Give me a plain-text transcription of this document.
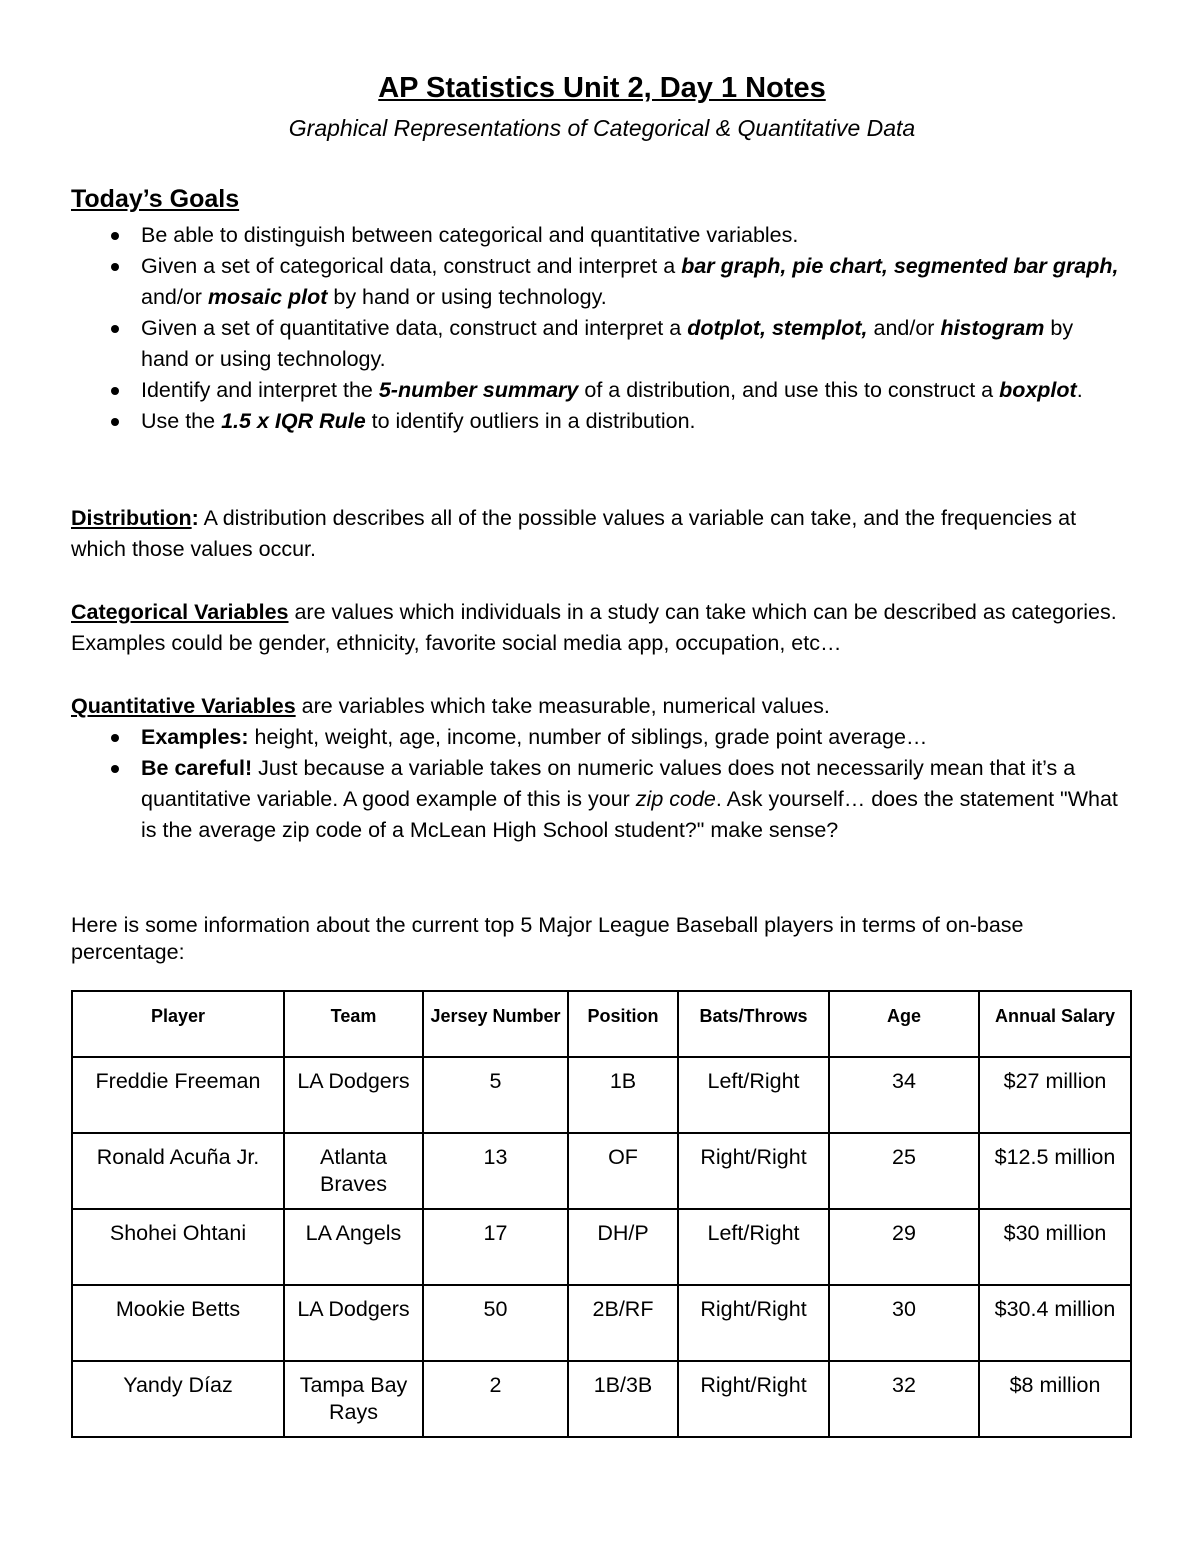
AP Statistics Unit 2, Day 1 Notes

Graphical Representations of Categorical & Quantitative Data

Today’s Goals
Be able to distinguish between categorical and quantitative variables.
Given a set of categorical data, construct and interpret a bar graph, pie chart, segmented bar graph, and/or mosaic plot by hand or using technology.
Given a set of quantitative data, construct and interpret a dotplot, stemplot, and/or histogram by hand or using technology.
Identify and interpret the 5-number summary of a distribution, and use this to construct a boxplot.
Use the 1.5 x IQR Rule to identify outliers in a distribution.

Distribution: A distribution describes all of the possible values a variable can take, and the frequencies at which those values occur.

Categorical Variables are values which individuals in a study can take which can be described as categories. Examples could be gender, ethnicity, favorite social media app, occupation, etc…

Quantitative Variables are variables which take measurable, numerical values.

Examples: height, weight, age, income, number of siblings, grade point average…
Be careful! Just because a variable takes on numeric values does not necessarily mean that it’s a quantitative variable. A good example of this is your zip code. Ask yourself… does the statement "What is the average zip code of a McLean High School student?" make sense?

Here is some information about the current top 5 Major League Baseball players in terms of on-base percentage:

Player	Team	Jersey Number	Position	Bats/Throws	Age	Annual Salary
Freddie Freeman	LA Dodgers	5	1B	Left/Right	34	$27 million
Ronald Acuña Jr.	Atlanta Braves	13	OF	Right/Right	25	$12.5 million
Shohei Ohtani	LA Angels	17	DH/P	Left/Right	29	$30 million
Mookie Betts	LA Dodgers	50	2B/RF	Right/Right	30	$30.4 million
Yandy Díaz	Tampa Bay Rays	2	1B/3B	Right/Right	32	$8 million
